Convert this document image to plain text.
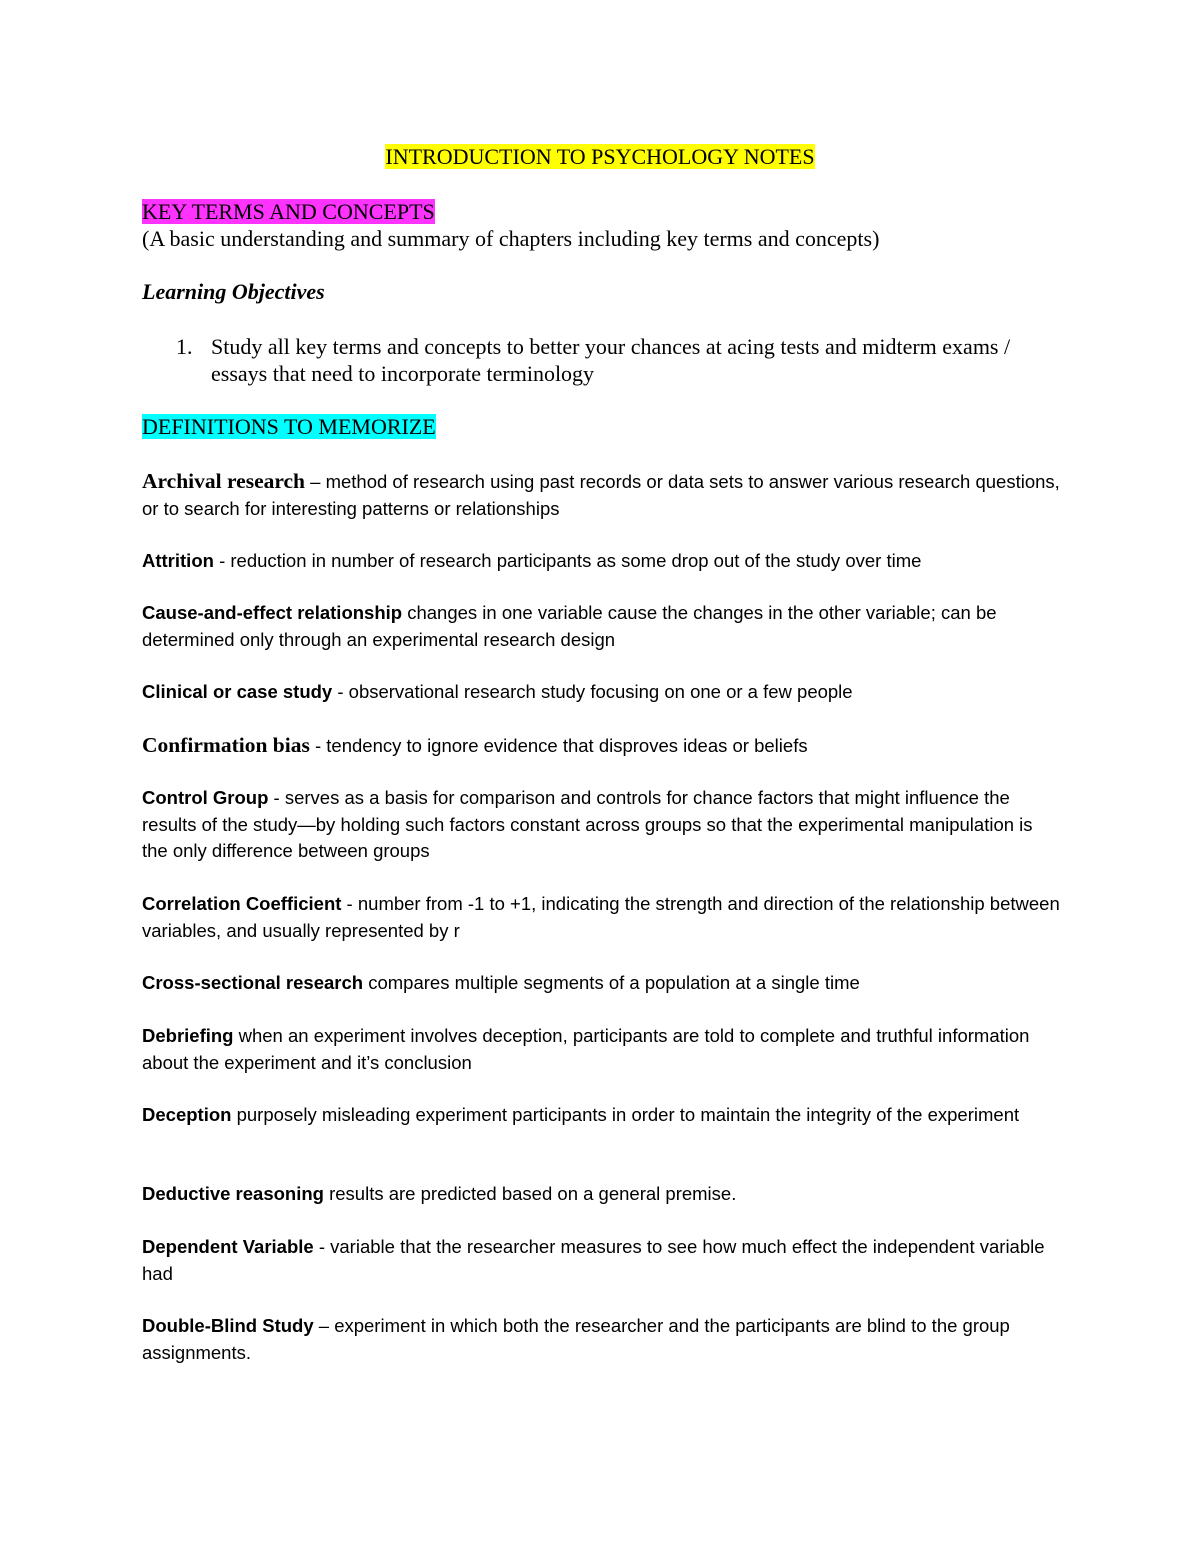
INTRODUCTION TO PSYCHOLOGY NOTES
KEY TERMS AND CONCEPTS
(A basic understanding and summary of chapters including key terms and concepts)
Learning Objectives
1. Study all key terms and concepts to better your chances at acing tests and midterm exams / essays that need to incorporate terminology
DEFINITIONS TO MEMORIZE
Archival research – method of research using past records or data sets to answer various research questions, or to search for interesting patterns or relationships
Attrition - reduction in number of research participants as some drop out of the study over time
Cause-and-effect relationship changes in one variable cause the changes in the other variable; can be determined only through an experimental research design
Clinical or case study - observational research study focusing on one or a few people
Confirmation bias - tendency to ignore evidence that disproves ideas or beliefs
Control Group - serves as a basis for comparison and controls for chance factors that might influence the results of the study—by holding such factors constant across groups so that the experimental manipulation is the only difference between groups
Correlation Coefficient - number from -1 to +1, indicating the strength and direction of the relationship between variables, and usually represented by r
Cross-sectional research compares multiple segments of a population at a single time
Debriefing when an experiment involves deception, participants are told to complete and truthful information about the experiment and it’s conclusion
Deception purposely misleading experiment participants in order to maintain the integrity of the experiment
Deductive reasoning results are predicted based on a general premise.
Dependent Variable - variable that the researcher measures to see how much effect the independent variable had
Double-Blind Study – experiment in which both the researcher and the participants are blind to the group assignments.
